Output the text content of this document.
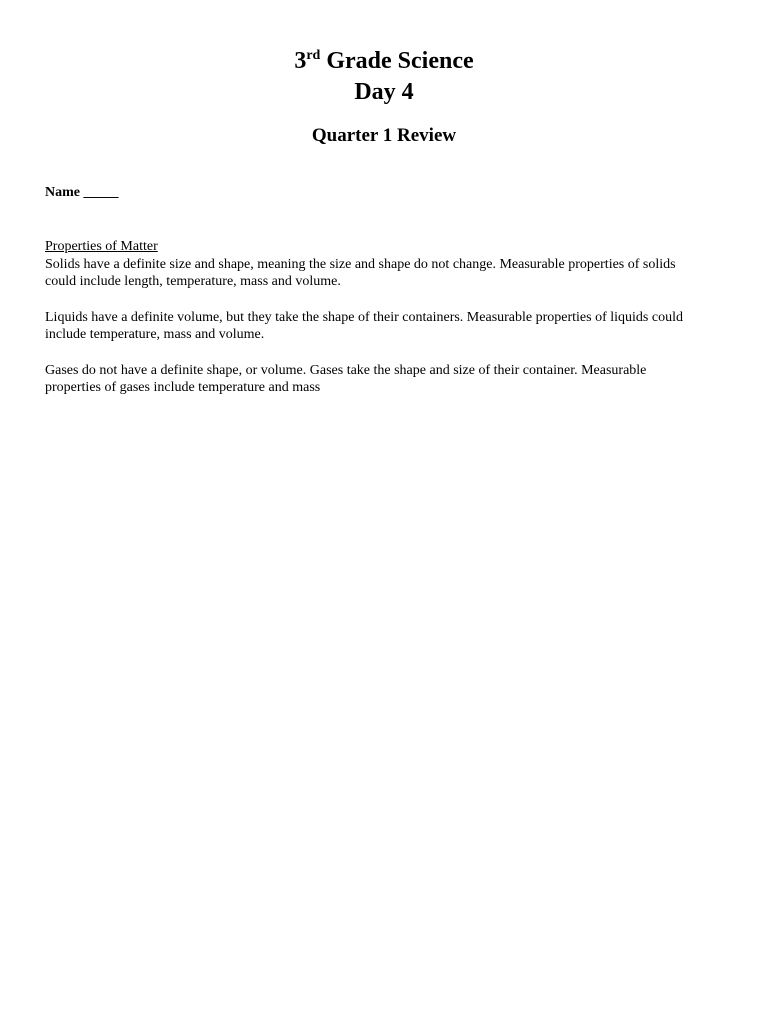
3rd Grade Science

Day 4

Quarter 1 Review

Name _____

Properties of Matter

Solids have a definite size and shape, meaning the size and shape do not change. Measurable properties of solids could include length, temperature, mass and volume.

Liquids have a definite volume, but they take the shape of their containers. Measurable properties of liquids could include temperature, mass and volume.

Gases do not have a definite shape, or volume. Gases take the shape and size of their container. Measurable properties of gases include temperature and mass
